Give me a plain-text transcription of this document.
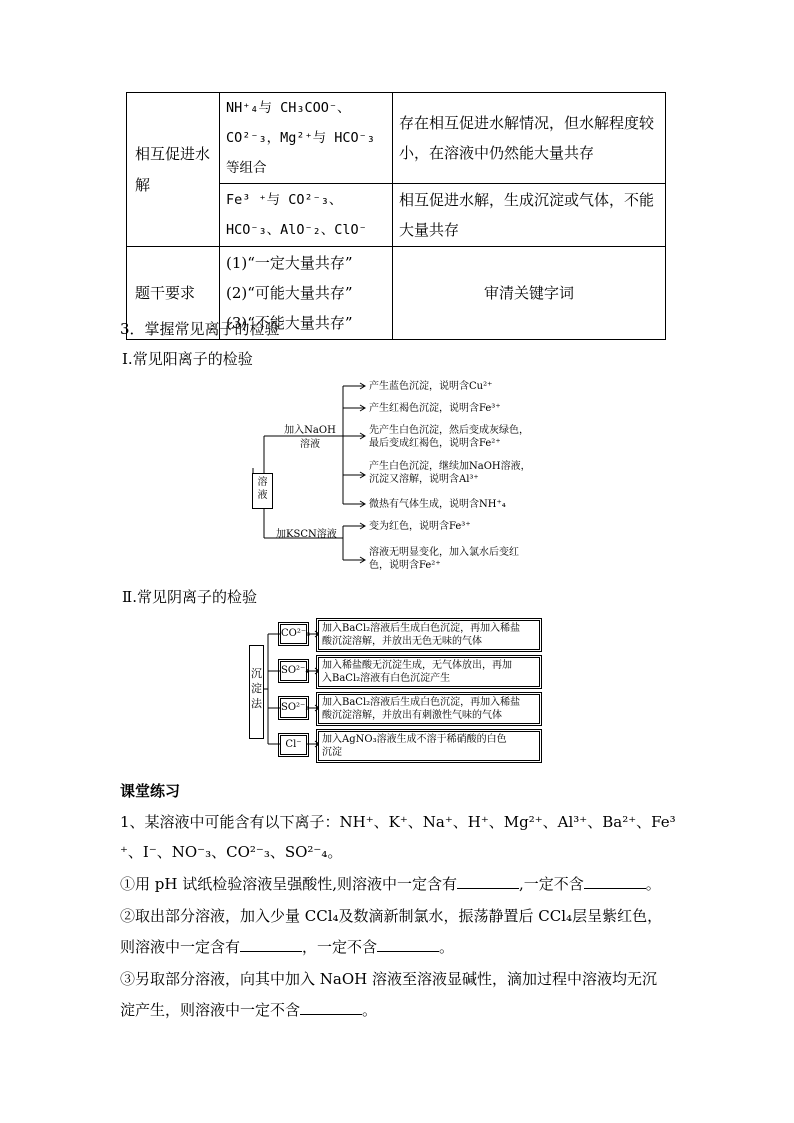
相互促进水解	NH⁺₄与 CH₃COO⁻、CO²⁻₃，Mg²⁺与 HCO⁻₃等组合	存在相互促进水解情况，但水解程度较小，在溶液中仍然能大量共存
	Fe³ ⁺与 CO²⁻₃、HCO⁻₃、AlO⁻₂、ClO⁻	相互促进水解，生成沉淀或气体，不能大量共存
题干要求	(1)“一定大量共存”
(2)“可能大量共存”
(3)“不能大量共存”	审清关键字词
3．掌握常见离子的检验
Ⅰ.常见阳离子的检验
溶液
加入NaOH
溶液
加KSCN溶液
产生蓝色沉淀，说明含Cu²⁺
产生红褐色沉淀，说明含Fe³⁺
先产生白色沉淀，然后变成灰绿色，
最后变成红褐色，说明含Fe²⁺
产生白色沉淀，继续加NaOH溶液，
沉淀又溶解，说明含Al³⁺
微热有气体生成，说明含NH⁺₄
变为红色，说明含Fe³⁺
溶液无明显变化，加入氯水后变红
色，说明含Fe²⁺
Ⅱ.常见阴离子的检验
沉淀法
CO²⁻₃ 加入BaCl₂溶液后生成白色沉淀，再加入稀盐
酸沉淀溶解，并放出无色无味的气体
SO²⁻₄ 加入稀盐酸无沉淀生成，无气体放出，再加
入BaCl₂溶液有白色沉淀产生
SO²⁻₃ 加入BaCl₂溶液后生成白色沉淀，再加入稀盐
酸沉淀溶解，并放出有刺激性气味的气体
Cl⁻	加入AgNO₃溶液生成不溶于稀硝酸的白色
沉淀
课堂练习
1、某溶液中可能含有以下离子：NH⁺、K⁺、Na⁺、H⁺、Mg²⁺、Al³⁺、Ba²⁺、Fe³
⁺、I⁻、NO⁻₃、CO²⁻₃、SO²⁻₄。
①用 pH 试纸检验溶液呈强酸性,则溶液中一定含有	,一定不含	。
②取出部分溶液，加入少量 CCl₄及数滴新制氯水，振荡静置后 CCl₄层呈紫红色，
则溶液中一定含有	，一定不含	。
③另取部分溶液，向其中加入 NaOH 溶液至溶液显碱性，滴加过程中溶液均无沉
淀产生，则溶液中一定不含	。
